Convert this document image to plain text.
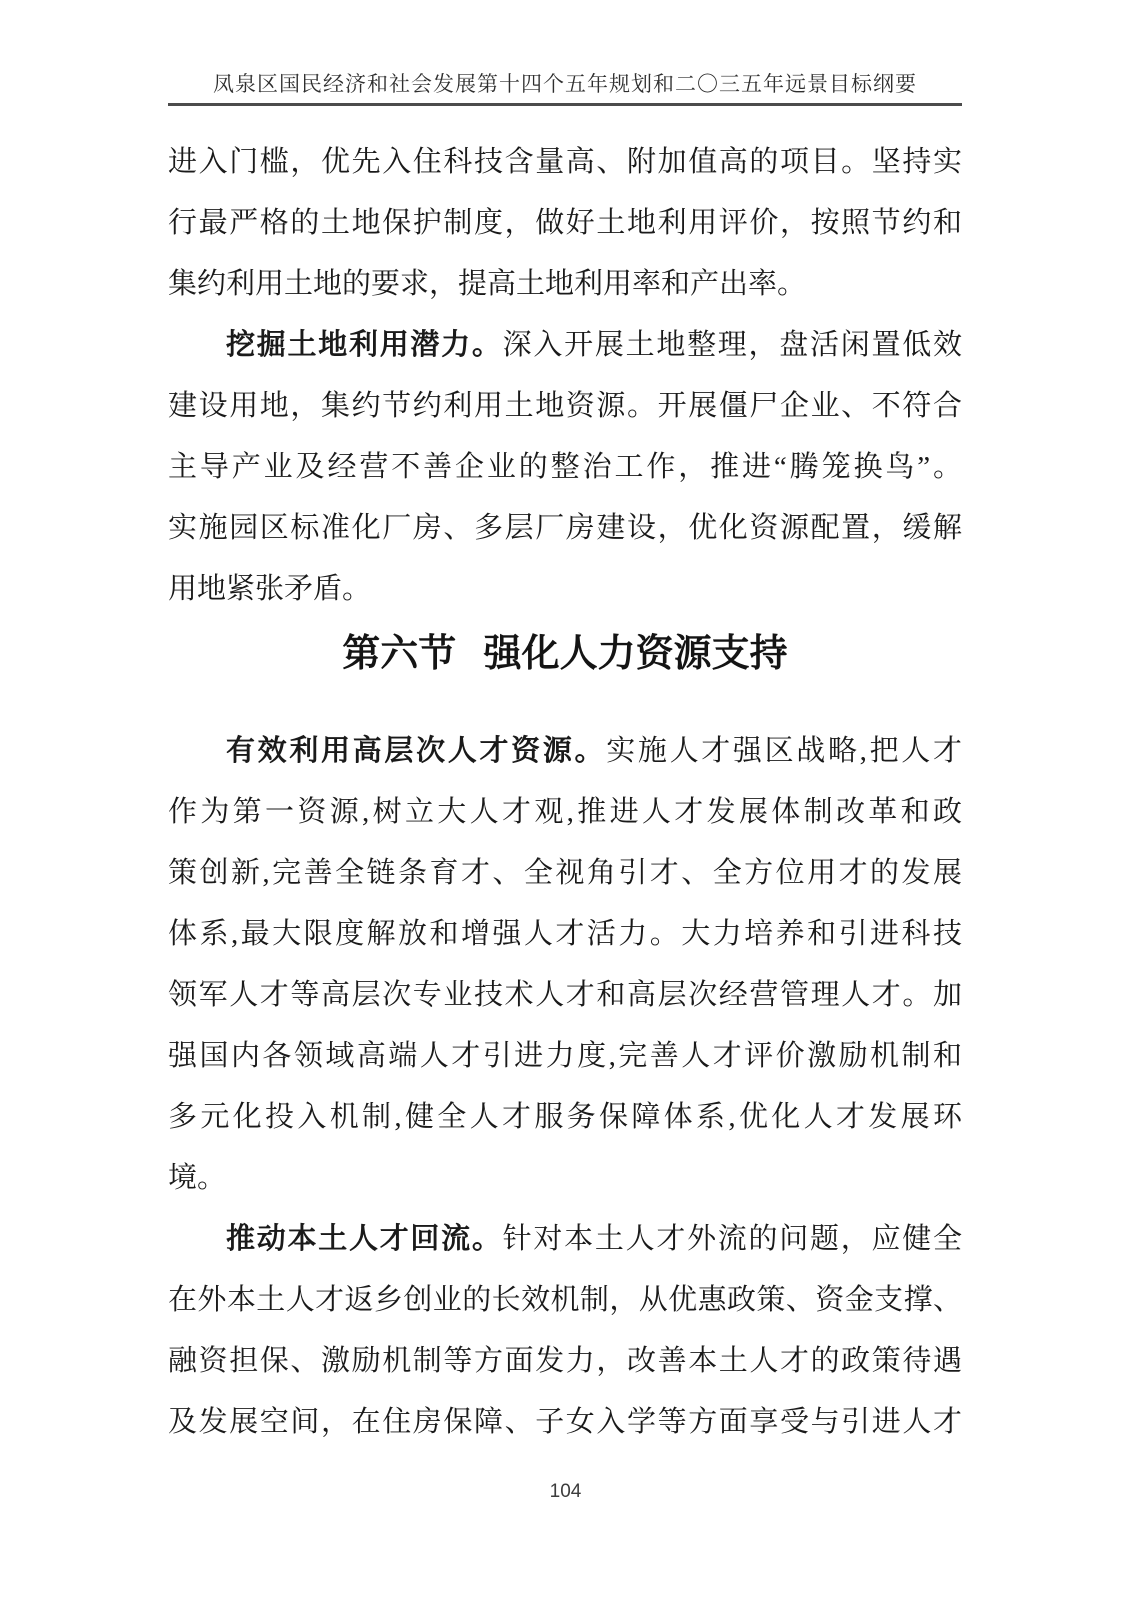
凤泉区国民经济和社会发展第十四个五年规划和二〇三五年远景目标纲要
进入门槛，优先入住科技含量高、附加值高的项目。坚持实
行最严格的土地保护制度，做好土地利用评价，按照节约和
集约利用土地的要求，提高土地利用率和产出率。
挖掘土地利用潜力。深入开展土地整理，盘活闲置低效
建设用地，集约节约利用土地资源。开展僵尸企业、不符合
主导产业及经营不善企业的整治工作，推进“腾笼换鸟”。
实施园区标准化厂房、多层厂房建设，优化资源配置，缓解
用地紧张矛盾。
第六节 强化人力资源支持
有效利用高层次人才资源。实施人才强区战略,把人才
作为第一资源,树立大人才观,推进人才发展体制改革和政
策创新,完善全链条育才、全视角引才、全方位用才的发展
体系,最大限度解放和增强人才活力。大力培养和引进科技
领军人才等高层次专业技术人才和高层次经营管理人才。加
强国内各领域高端人才引进力度,完善人才评价激励机制和
多元化投入机制,健全人才服务保障体系,优化人才发展环
境。
推动本土人才回流。针对本土人才外流的问题，应健全
在外本土人才返乡创业的长效机制，从优惠政策、资金支撑、
融资担保、激励机制等方面发力，改善本土人才的政策待遇
及发展空间，在住房保障、子女入学等方面享受与引进人才
104
